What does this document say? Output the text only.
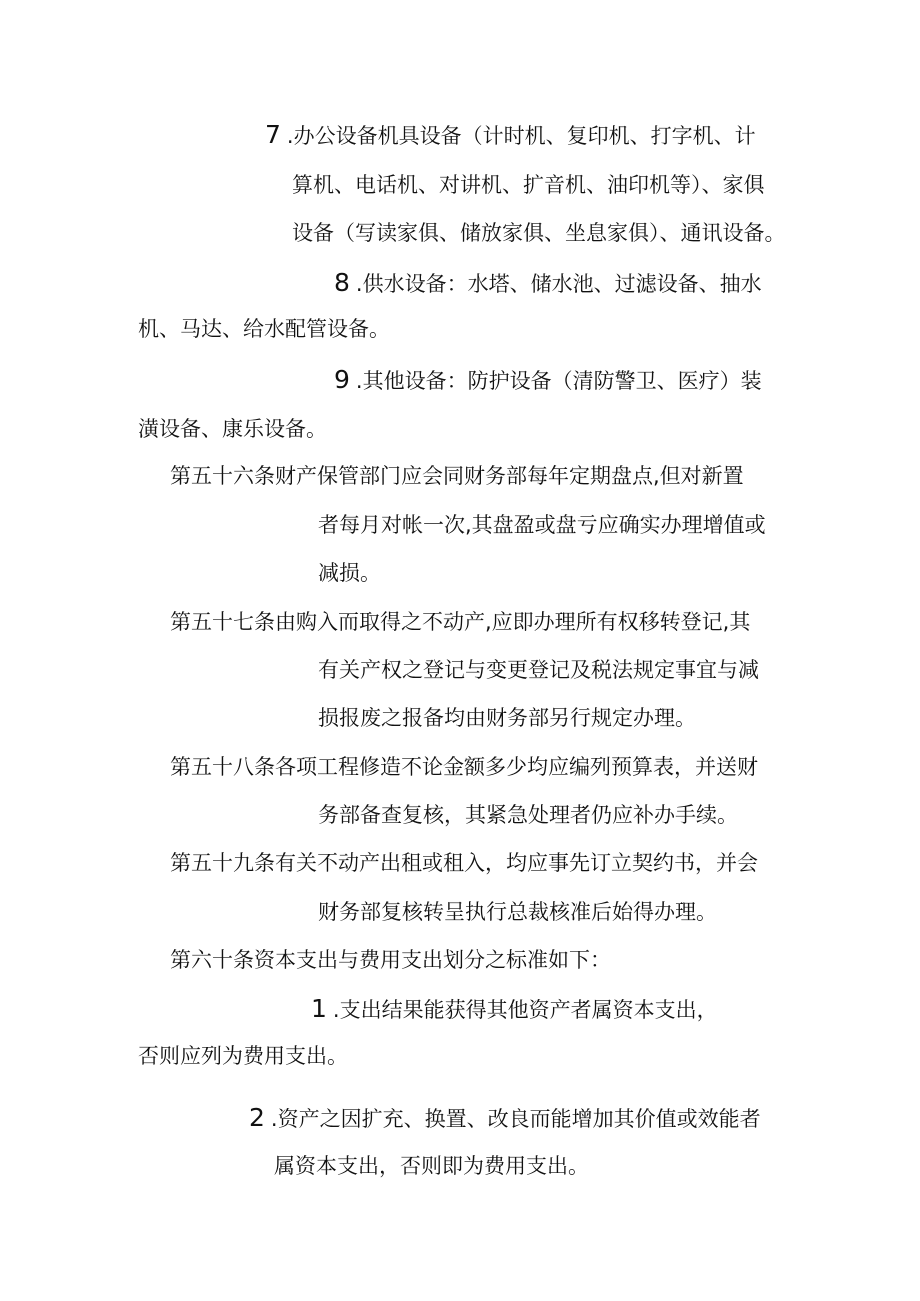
7 .办公设备机具设备（计时机、复印机、打字机、计
算机、电话机、对讲机、扩音机、油印机等）、家俱
设备（写读家俱、储放家俱、坐息家俱）、通讯设备。
8 .供水设备：水塔、储水池、过滤设备、抽水
机、马达、给水配管设备。
9 .其他设备：防护设备（清防警卫、医疗）装
潢设备、康乐设备。
第五十六条财产保管部门应会同财务部每年定期盘点,但对新置
者每月对帐一次,其盘盈或盘亏应确实办理增值或
减损。
第五十七条由购入而取得之不动产,应即办理所有权移转登记,其
有关产权之登记与变更登记及税法规定事宜与减
损报废之报备均由财务部另行规定办理。
第五十八条各项工程修造不论金额多少均应编列预算表，并送财
务部备查复核，其紧急处理者仍应补办手续。
第五十九条有关不动产出租或租入，均应事先订立契约书，并会
财务部复核转呈执行总裁核准后始得办理。
第六十条资本支出与费用支出划分之标准如下：
1 .支出结果能获得其他资产者属资本支出，
否则应列为费用支出。
2 .资产之因扩充、换置、改良而能增加其价值或效能者
属资本支出，否则即为费用支出。
